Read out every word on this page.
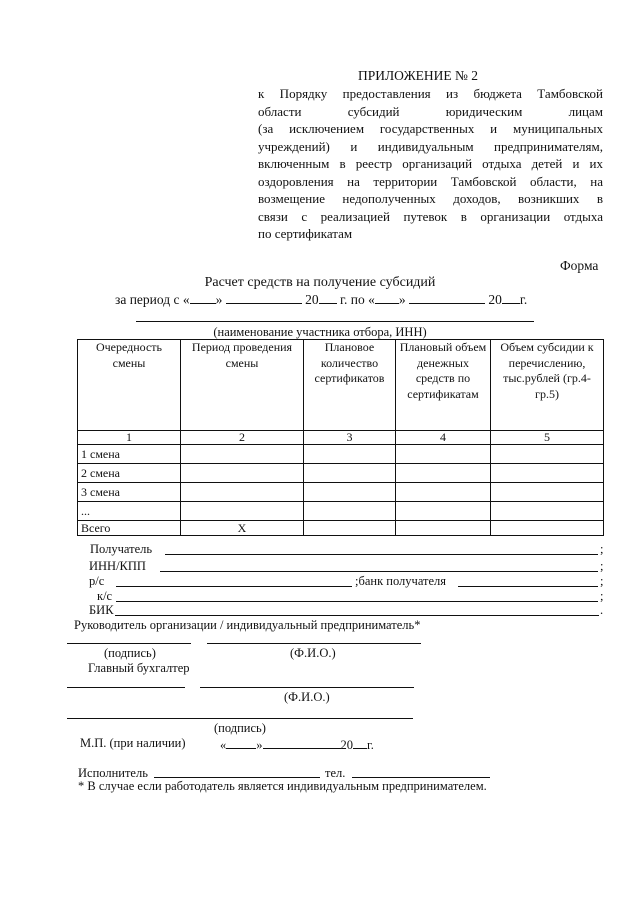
ПРИЛОЖЕНИЕ № 2
к Порядку предоставления из бюджета Тамбовской
области субсидий юридическим лицам
(за исключением государственных и муниципальных
учреждений) и индивидуальным предпринимателям,
включенным в реестр организаций отдыха детей и их
оздоровления на территории Тамбовской области, на
возмещение недополученных доходов, возникших в
связи с реализацией путевок в организации отдыха
по сертификатам
Форма
Расчет средств на получение субсидий
за период с « »	20 г. по « »	20 г.
(наименование участника отбора, ИНН)
Очередность смены	Период проведения смены	Плановое количество сертификатов	Плановый объем денежных средств по сертификатам	Объем субсидии к перечислению, тыс.рублей (гр.4-гр.5)
1	2	3	4	5
1 смена				
2 смена				
3 смена				
...				
Всего	Х			
Получатель	;
ИНН/КПП	;
р/с	;банк получателя	;
к/с	;
БИК	.
Руководитель организации / индивидуальный предприниматель*
(подпись)	(Ф.И.О.)
Главный бухгалтер
(Ф.И.О.)
(подпись)
М.П. (при наличии)	« »	20 г.
Исполнитель	тел.
* В случае если работодатель является индивидуальным предпринимателем.
